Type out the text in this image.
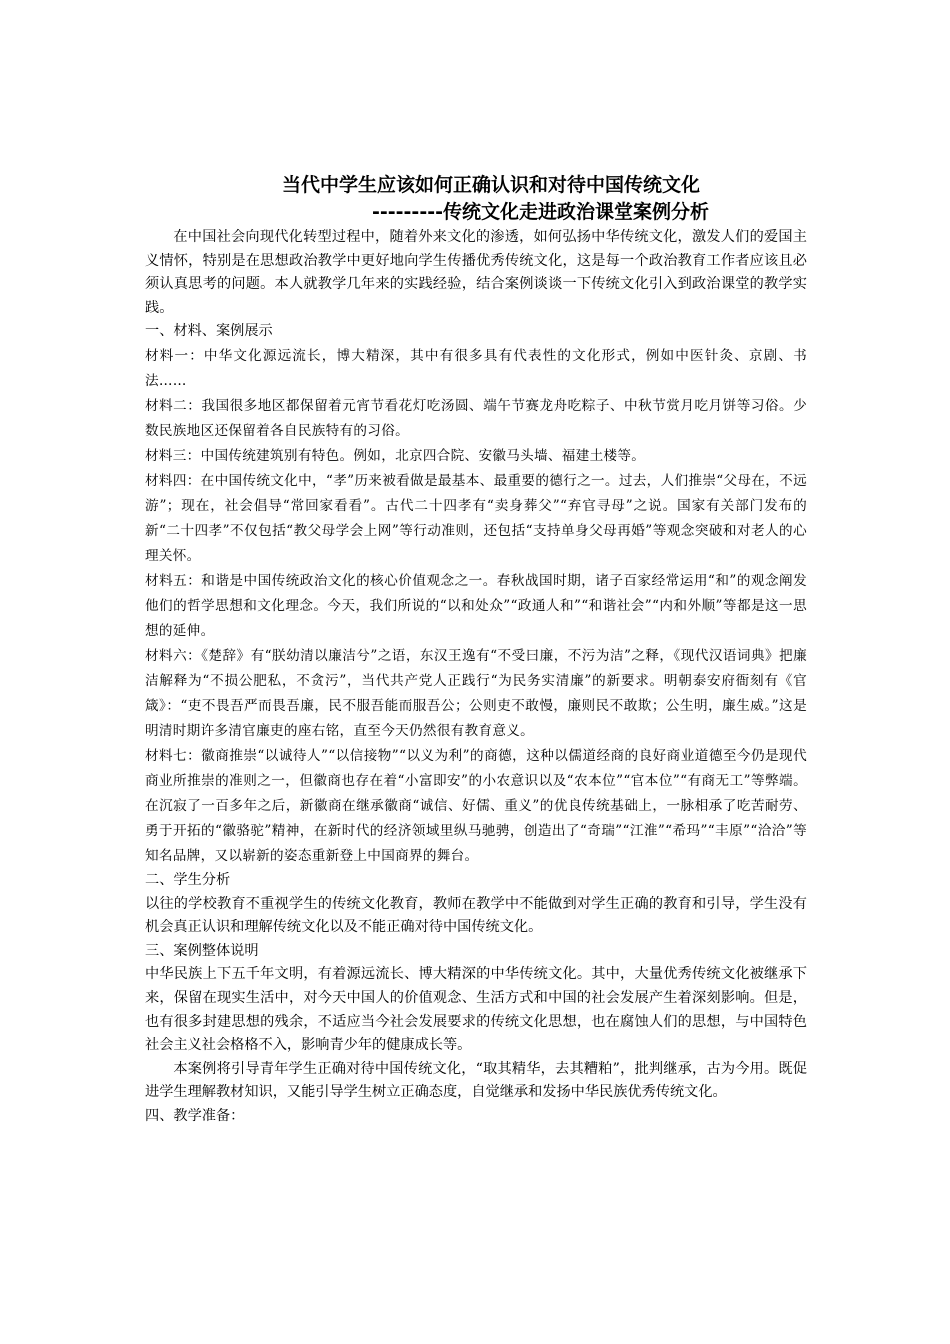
当代中学生应该如何正确认识和对待中国传统文化

---------传统文化走进政治课堂案例分析

在中国社会向现代化转型过程中，随着外来文化的渗透，如何弘扬中华传统文化，激发人们的爱国主义情怀，特别是在思想政治教学中更好地向学生传播优秀传统文化，这是每一个政治教育工作者应该且必须认真思考的问题。本人就教学几年来的实践经验，结合案例谈谈一下传统文化引入到政治课堂的教学实践。

一、材料、案例展示

材料一：中华文化源远流长，博大精深，其中有很多具有代表性的文化形式，例如中医针灸、京剧、书法……

材料二：我国很多地区都保留着元宵节看花灯吃汤圆、端午节赛龙舟吃粽子、中秋节赏月吃月饼等习俗。少数民族地区还保留着各自民族特有的习俗。

材料三：中国传统建筑别有特色。例如，北京四合院、安徽马头墙、福建土楼等。

材料四：在中国传统文化中，“孝”历来被看做是最基本、最重要的德行之一。过去，人们推崇“父母在，不远游”；现在，社会倡导“常回家看看”。古代二十四孝有“卖身葬父”“弃官寻母”之说。国家有关部门发布的新“二十四孝”不仅包括“教父母学会上网”等行动准则，还包括“支持单身父母再婚”等观念突破和对老人的心理关怀。

材料五：和谐是中国传统政治文化的核心价值观念之一。春秋战国时期，诸子百家经常运用“和”的观念阐发他们的哲学思想和文化理念。今天，我们所说的“以和处众”“政通人和”“和谐社会”“内和外顺”等都是这一思想的延伸。

材料六：《楚辞》有“朕幼清以廉洁兮”之语，东汉王逸有“不受曰廉，不污为洁”之释，《现代汉语词典》把廉洁解释为“不损公肥私，不贪污”，当代共产党人正践行“为民务实清廉”的新要求。明朝泰安府衙刻有《官箴》：“吏不畏吾严而畏吾廉，民不服吾能而服吾公；公则吏不敢慢，廉则民不敢欺；公生明，廉生威。”这是明清时期许多清官廉吏的座右铭，直至今天仍然很有教育意义。

材料七：徽商推崇“以诚待人”“以信接物”“以义为利”的商德，这种以儒道经商的良好商业道德至今仍是现代商业所推崇的准则之一，但徽商也存在着“小富即安”的小农意识以及“农本位”“官本位”“有商无工”等弊端。在沉寂了一百多年之后，新徽商在继承徽商“诚信、好儒、重义”的优良传统基础上，一脉相承了吃苦耐劳、勇于开拓的“徽骆驼”精神，在新时代的经济领域里纵马驰骋，创造出了“奇瑞”“江淮”“希玛”“丰原”“洽洽”等知名品牌，又以崭新的姿态重新登上中国商界的舞台。

二、学生分析

以往的学校教育不重视学生的传统文化教育，教师在教学中不能做到对学生正确的教育和引导，学生没有机会真正认识和理解传统文化以及不能正确对待中国传统文化。

三、案例整体说明

中华民族上下五千年文明，有着源远流长、博大精深的中华传统文化。其中，大量优秀传统文化被继承下来，保留在现实生活中，对今天中国人的价值观念、生活方式和中国的社会发展产生着深刻影响。但是，也有很多封建思想的残余，不适应当今社会发展要求的传统文化思想，也在腐蚀人们的思想，与中国特色社会主义社会格格不入，影响青少年的健康成长等。

本案例将引导青年学生正确对待中国传统文化，“取其精华，去其糟粕”，批判继承，古为今用。既促进学生理解教材知识，又能引导学生树立正确态度，自觉继承和发扬中华民族优秀传统文化。

四、教学准备：
